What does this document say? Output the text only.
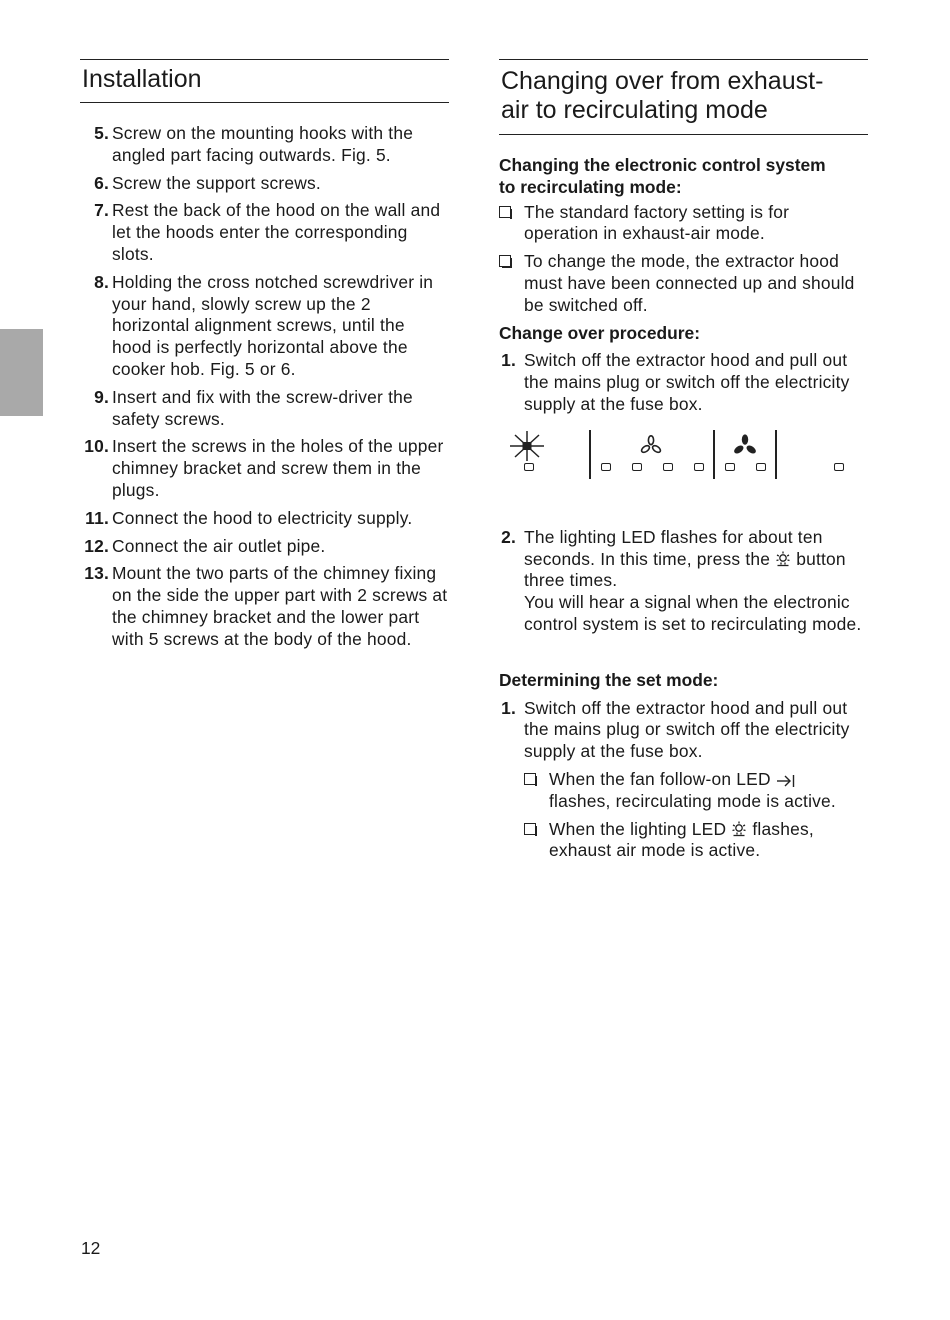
Installation
5. Screw on the mounting hooks with the angled part facing outwards. Fig. 5.
6. Screw the support screws.
7. Rest the back of the hood on the wall and let the hoods enter the corresponding slots.
8. Holding the cross notched screwdriver in your hand, slowly screw up the 2 horizontal alignment screws, until the hood is perfectly horizontal above the cooker hob. Fig. 5 or 6.
9. Insert and fix with the screw-driver the safety screws.
10. Insert the screws in the holes of the upper chimney bracket and screw them in the plugs.
11. Connect the hood to electricity supply.
12. Connect the air outlet pipe.
13. Mount the two parts of the chimney fixing on the side the upper part with 2 screws at the chimney bracket and the lower part with 5 screws at the body of the hood.
Changing over from exhaust-
air to recirculating mode

Changing the electronic control system
to recirculating mode:

The standard factory setting is for operation in exhaust-air mode.
To change the mode, the extractor hood must have been connected up and should be switched off.

Change over procedure:

1. Switch off the extractor hood and pull out the mains plug or switch off the electricity supply at the fuse box.
2. The lighting LED flashes for about ten seconds. In this time, press the button three times.
You will hear a signal when the electronic control system is set to recirculating mode.

Determining the set mode:

1. Switch off the extractor hood and pull out the mains plug or switch off the electricity supply at the fuse box.
When the fan follow-on LED
flashes, recirculating mode is active.
When the lighting LED flashes, exhaust air mode is active.
12
